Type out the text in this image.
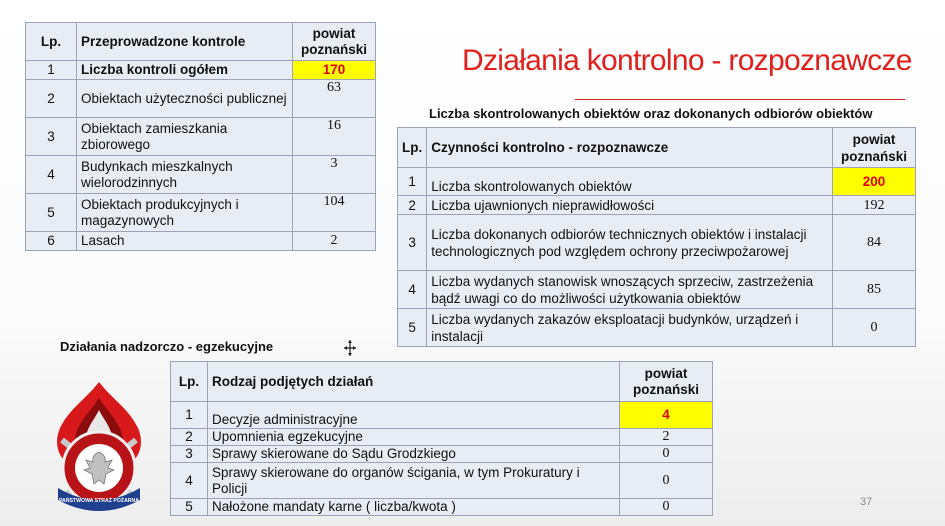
Lp.	Przeprowadzone kontrole	powiat poznański
1	Liczba kontroli ogółem	170
2	Obiektach użyteczności publicznej	63
3	Obiektach zamieszkania zbiorowego	16
4	Budynkach mieszkalnych wielorodzinnych	3
5	Obiektach produkcyjnych i magazynowych	104
6	Lasach	2
Działania kontrolno - rozpoznawcze
Liczba skontrolowanych obiektów oraz dokonanych odbiorów obiektów
Lp.	Czynności kontrolno - rozpoznawcze	powiat poznański
1	Liczba skontrolowanych obiektów	200
2	Liczba ujawnionych nieprawidłowości	192
3	Liczba dokonanych odbiorów technicznych obiektów i instalacji technologicznych pod względem ochrony przeciwpożarowej	84
4	Liczba wydanych stanowisk wnoszących sprzeciw, zastrzeżenia bądź uwagi co do możliwości użytkowania obiektów	85
5	Liczba wydanych zakazów eksploatacji budynków, urządzeń i instalacji	0
Działania nadzorczo - egzekucyjne
Lp.	Rodzaj podjętych działań	powiat poznański
1	Decyzje administracyjne	4
2	Upomnienia egzekucyjne	2
3	Sprawy skierowane do Sądu Grodzkiego	0
4	Sprawy skierowane do organów ścigania, w tym Prokuratury i Policji	0
5	Nałożone mandaty karne ( liczba/kwota )	0	37
PAŃSTWOWA STRAŻ POŻARNA
